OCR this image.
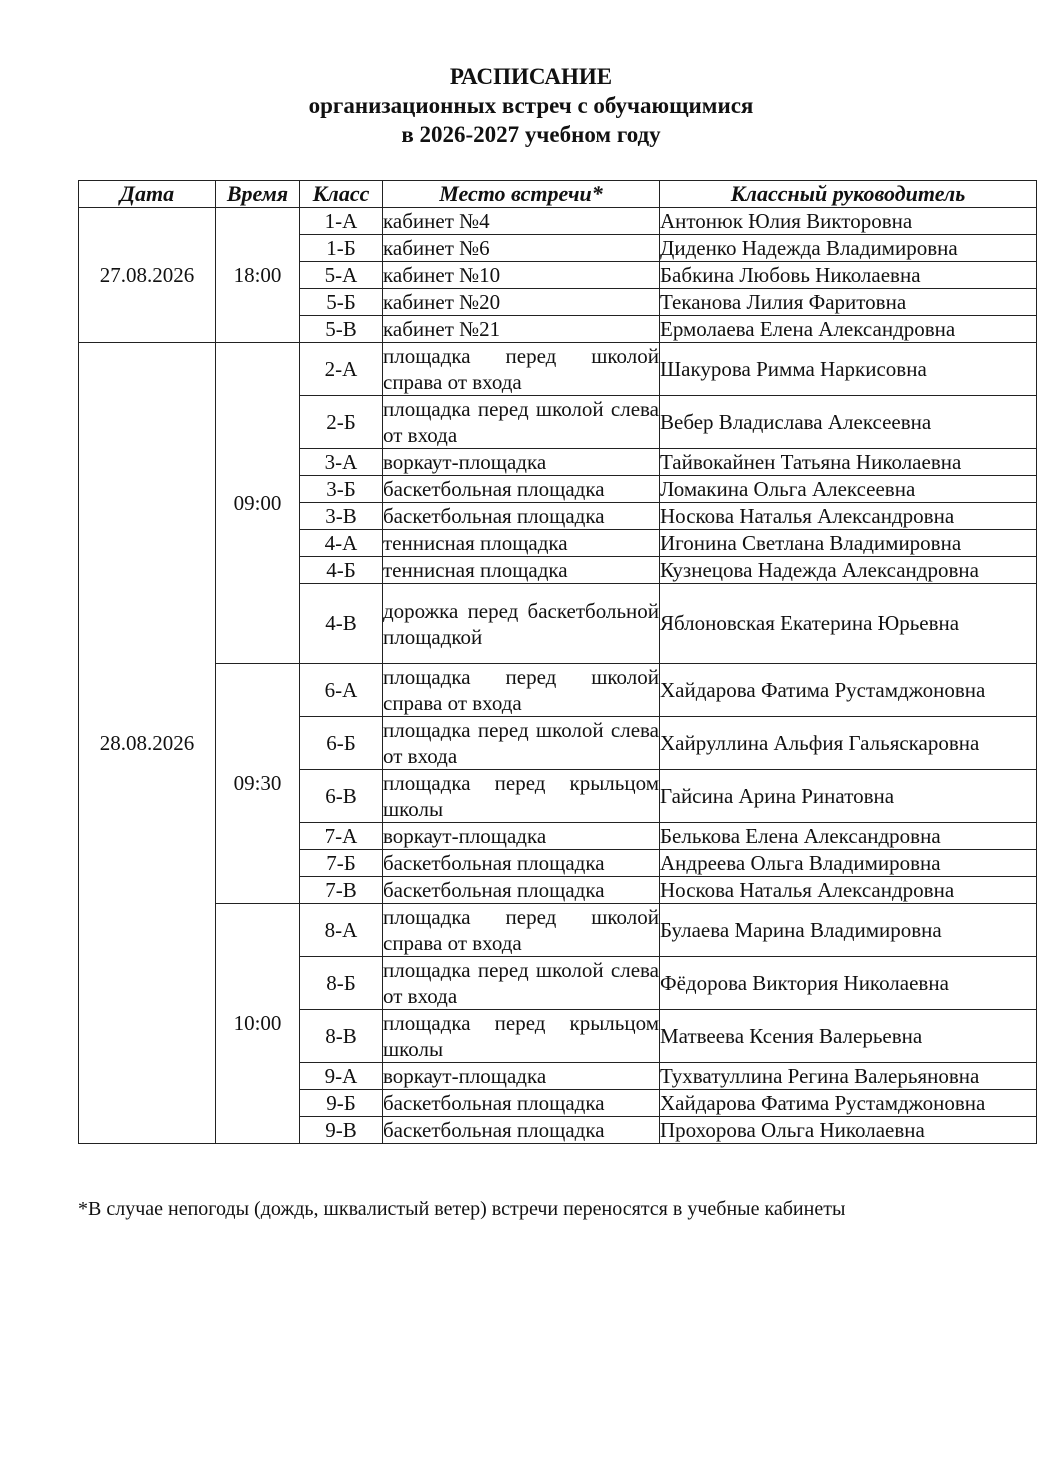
РАСПИСАНИЕ
организационных встреч с обучающимися
в 2026-2027 учебном году
Дата	Время	Класс	Место встречи*	Классный руководитель
27.08.2026	18:00	1-А	кабинет №4	Антонюк Юлия Викторовна
		1-Б	кабинет №6	Диденко Надежда Владимировна
		5-А	кабинет №10	Бабкина Любовь Николаевна
		5-Б	кабинет №20	Теканова Лилия Фаритовна
		5-В	кабинет №21	Ермолаева Елена Александровна
28.08.2026	09:00	2-А	площадка перед школой справа от входа	Шакурова Римма Наркисовна
		2-Б	площадка перед школой слева от входа	Вебер Владислава Алексеевна
		3-А	воркаут-площадка	Тайвокайнен Татьяна Николаевна
		3-Б	баскетбольная площадка	Ломакина Ольга Алексеевна
		3-В	баскетбольная площадка	Носкова Наталья Александровна
		4-А	теннисная площадка	Игонина Светлана Владимировна
		4-Б	теннисная площадка	Кузнецова Надежда Александровна
		4-В	дорожка перед баскетбольной площадкой	Яблоновская Екатерина Юрьевна
	09:30	6-А	площадка перед школой справа от входа	Хайдарова Фатима Рустамджоновна
		6-Б	площадка перед школой слева от входа	Хайруллина Альфия Гальяскаровна
		6-В	площадка перед крыльцом школы	Гайсина Арина Ринатовна
		7-А	воркаут-площадка	Белькова Елена Александровна
		7-Б	баскетбольная площадка	Андреева Ольга Владимировна
		7-В	баскетбольная площадка	Носкова Наталья Александровна
	10:00	8-А	площадка перед школой справа от входа	Булаева Марина Владимировна
		8-Б	площадка перед школой слева от входа	Фёдорова Виктория Николаевна
		8-В	площадка перед крыльцом школы	Матвеева Ксения Валерьевна
		9-А	воркаут-площадка	Тухватуллина Регина Валерьяновна
		9-Б	баскетбольная площадка	Хайдарова Фатима Рустамджоновна
		9-В	баскетбольная площадка	Прохорова Ольга Николаевна
*В случае непогоды (дождь, шквалистый ветер) встречи переносятся в учебные кабинеты
